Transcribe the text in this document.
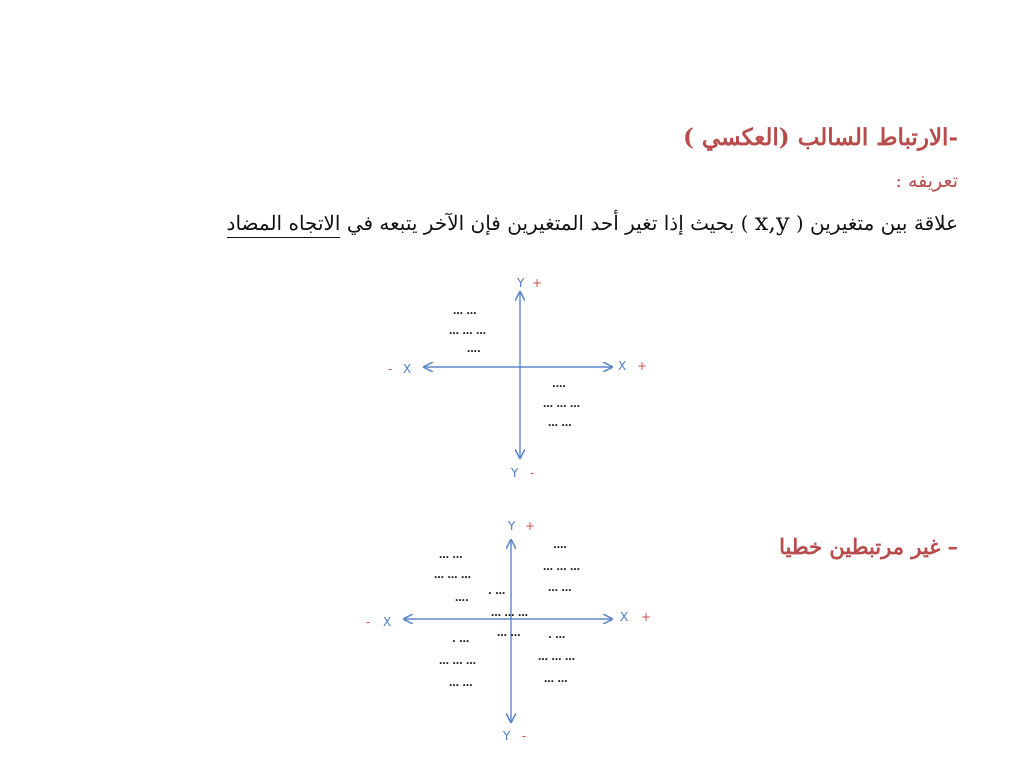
-الارتباط السالب (العكسي )
تعريفه :
علاقة بين متغيرين ( x,y ) بحيث إذا تغير أحد المتغيرين فإن الآخر يتبعه في الاتجاه المضاد
– غير مرتبطين خطيا
Y +
Y -
X +
X
-
… …
… … …
….
.…
… … …
… …
Y +
Y -
X +
X
-
… …
… … …
….
.…
… … …
… …
. …
… … …
… …	. …
. …
… … …
… …
… … …
… …
